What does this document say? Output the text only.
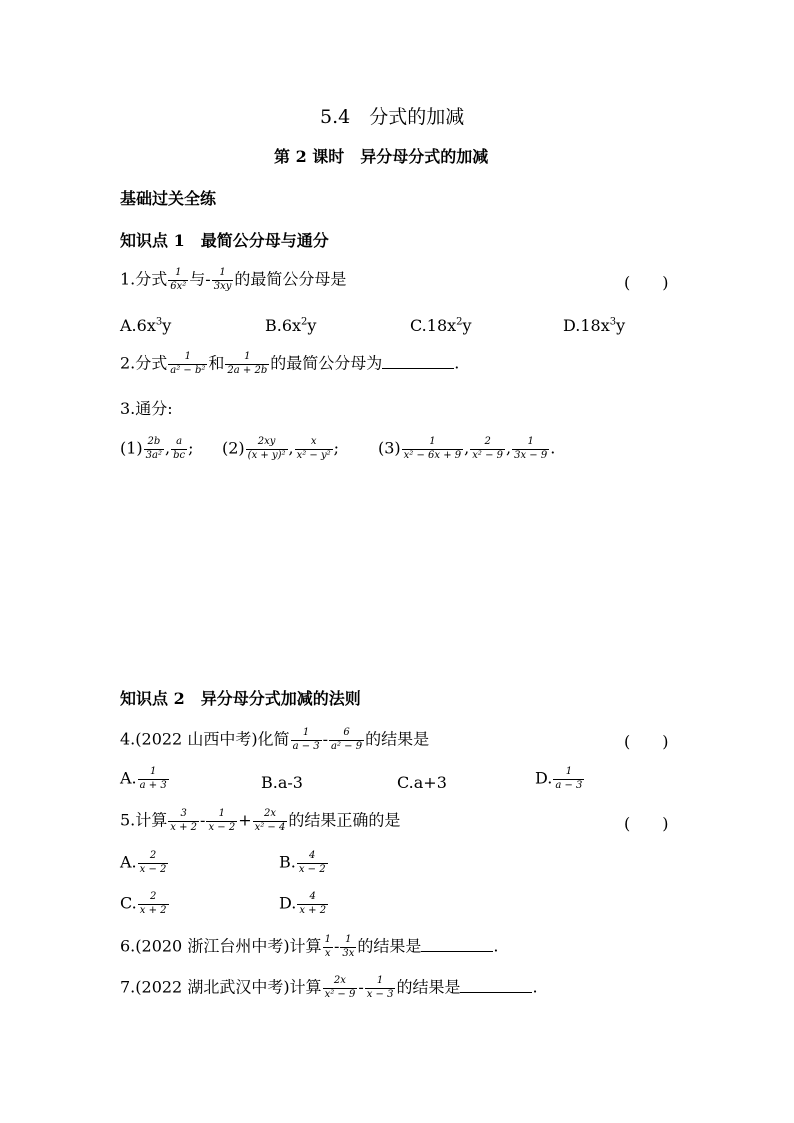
5.4　分式的加减
第 2 课时　异分母分式的加减
基础过关全练
知识点 1　最简公分母与通分
1.分式 $\frac{1}{\text{6x²}}$ 与- $\frac{1}{3xy}$ 的最简公分母是	(　　)
$A.6x^3y$	$B.6x^2y$	$C.18x^2y$	$D.18x^3y$
2.分式 $\frac{1}{\text{a² − b²}}$ 和 $\frac{1}{2a + 2b}$ 的最简公分母为	.
3.通分:
$(1) \frac{2b}{\text{3a²}}$ , $\frac{a}{bc}$ ; $(2) \frac{2xy}{\text{(x + y)²}}$ , $\frac{x}{\text{x² − y²}}$ ; $(3) \frac{1}{\text{x² − 6x + 9}}$ , $\frac{2}{\text{x² − 9}}$ , $\frac{1}{3x - 9}$ .
知识点 2　异分母分式加减的法则
4.(2022 山西中考)化简 $\frac{1}{a - 3} - \frac{6}{\text{a² − 9}}$ 的结果是	(　　)
A. $\frac{1}{a + 3}$	B.a-3	C.a+3	D. $\frac{1}{a - 3}$
5.计算 $\frac{3}{x + 2} - \frac{1}{x - 2} + \frac{2x}{\text{x² − 4}}$ 的结果正确的是	(　　)
A. $\frac{2}{x - 2}$	B. $\frac{4}{x - 2}$
C. $\frac{2}{x + 2}$	D. $\frac{4}{x + 2}$
6.(2020 浙江台州中考)计算 $\frac{1}{x} - \frac{1}{3x}$ 的结果是	.
7.(2022 湖北武汉中考)计算 $\frac{2x}{\text{x² − 9}} - \frac{1}{x - 3}$ 的结果是	.
